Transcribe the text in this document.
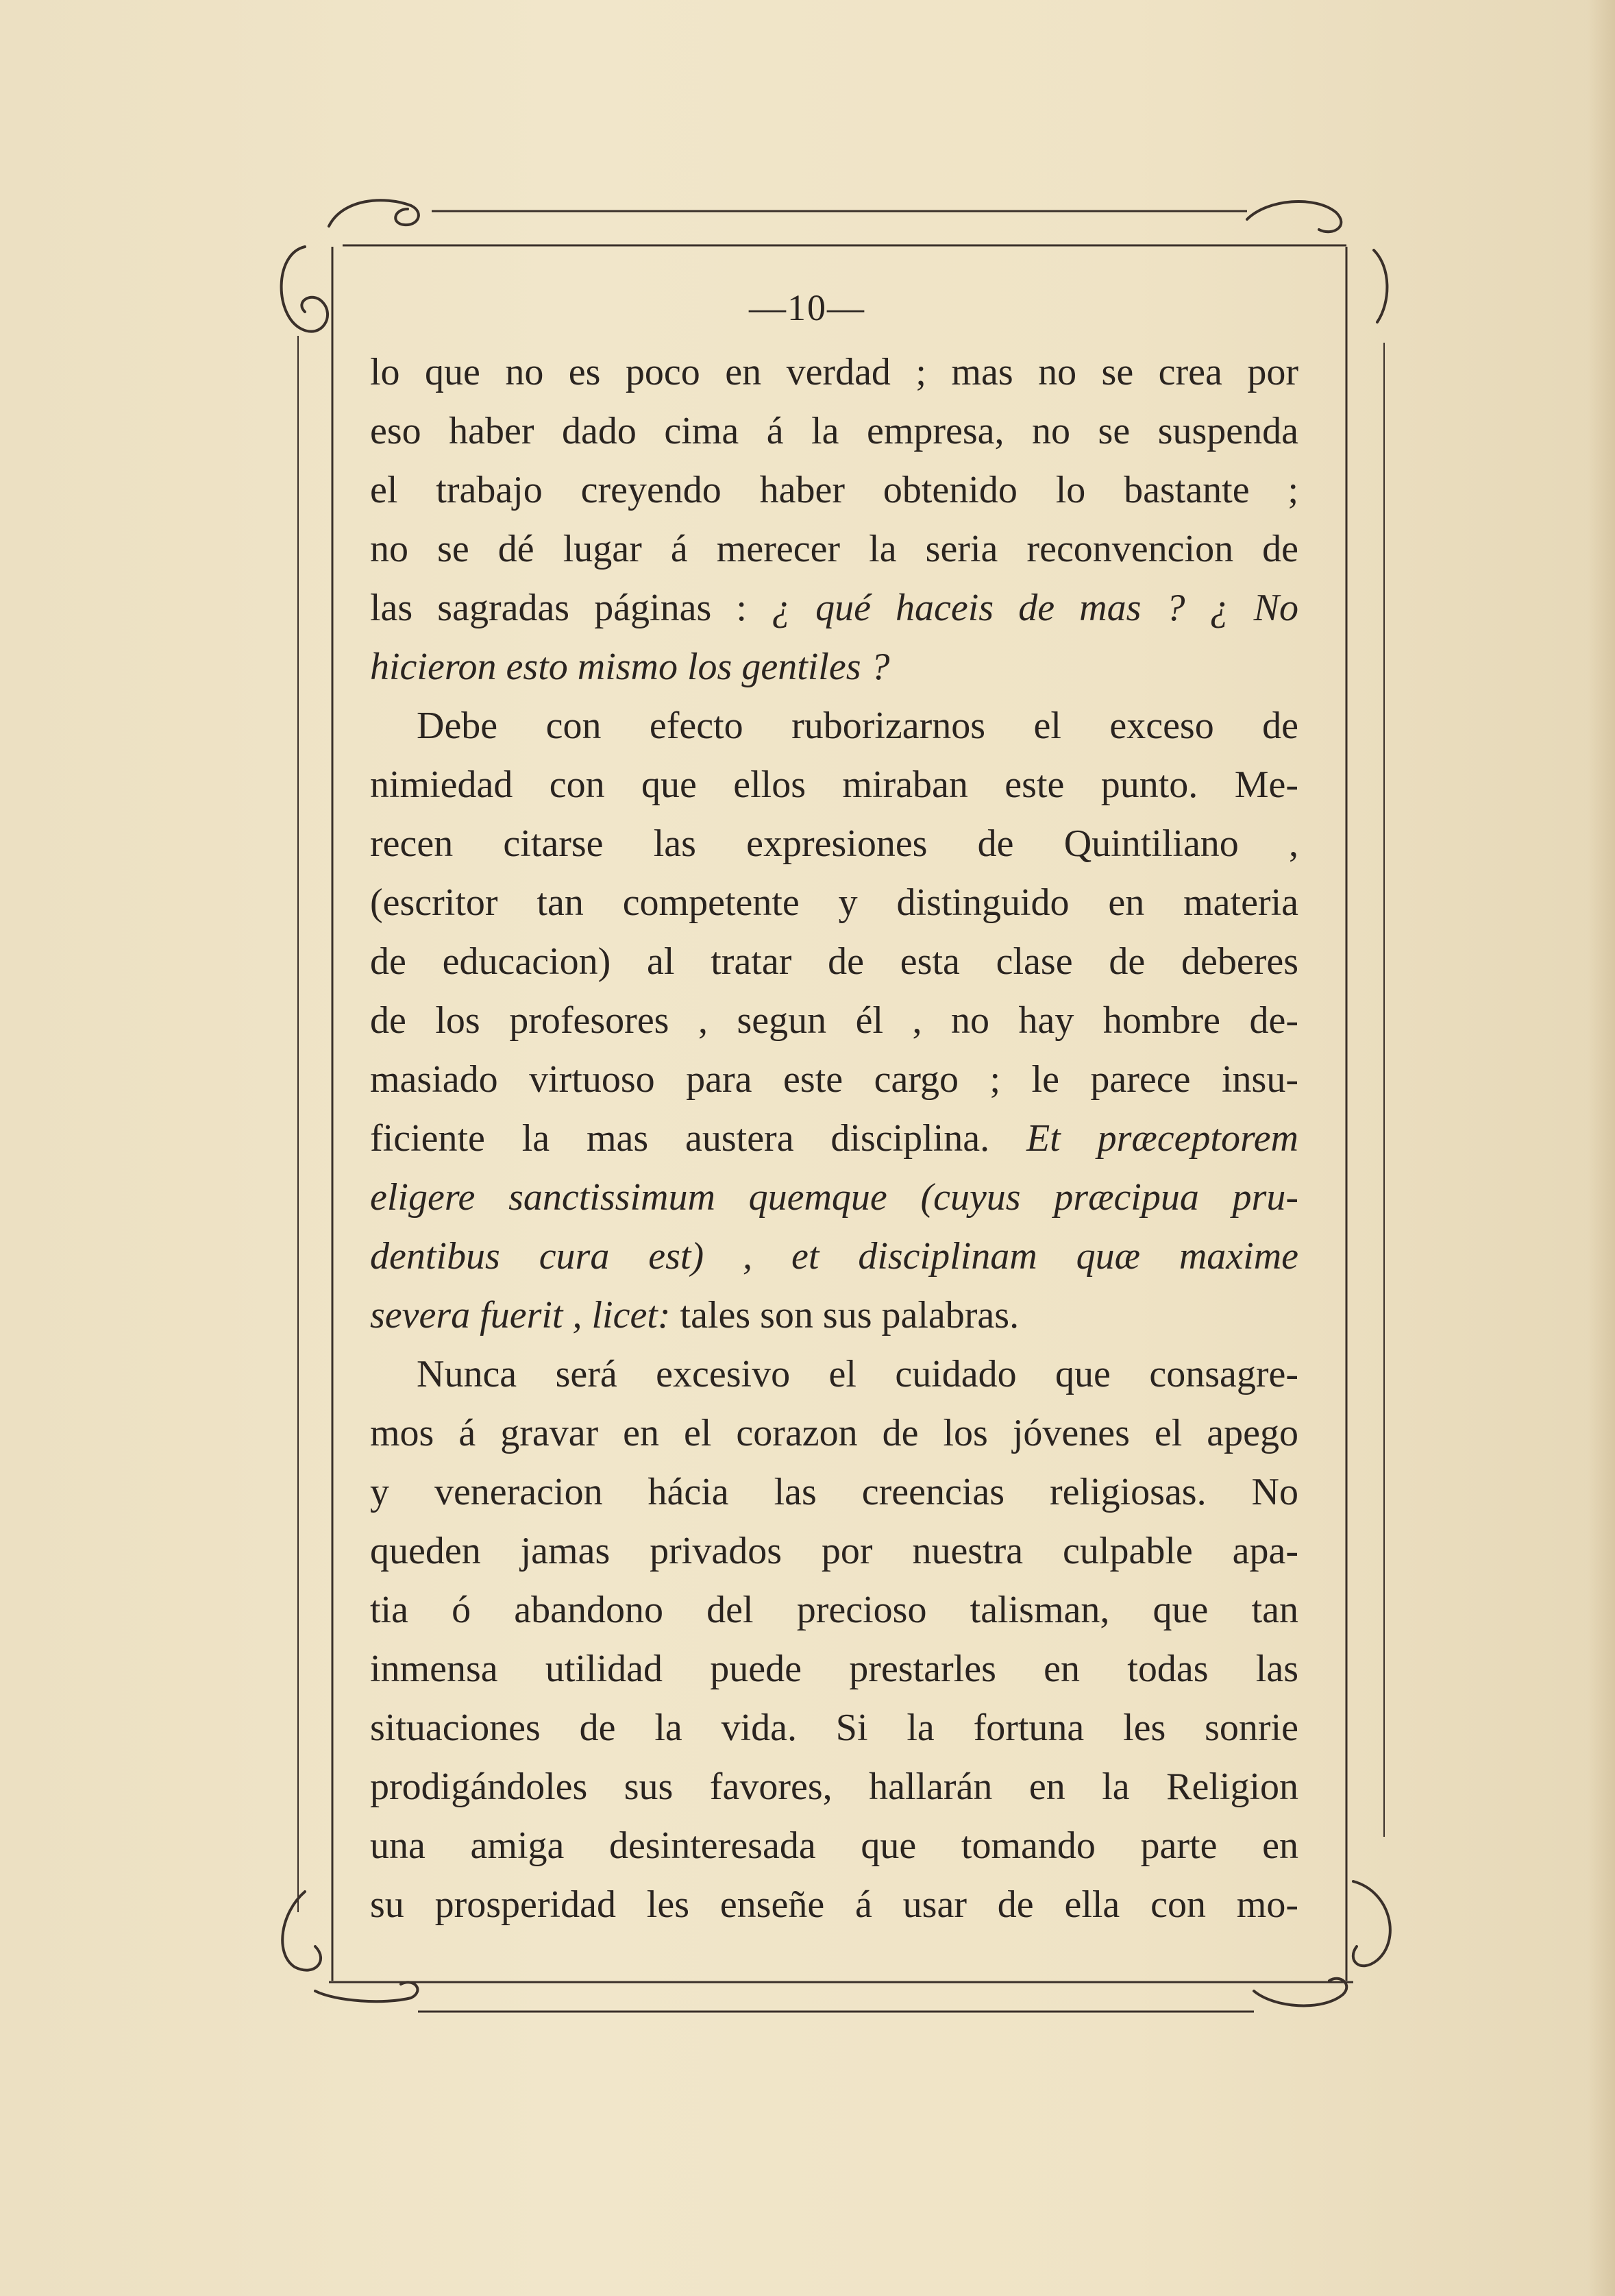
—10—
lo que no es poco en verdad ; mas no se crea por
eso haber dado cima á la empresa, no se suspenda
el trabajo creyendo haber obtenido lo bastante ;
no se dé lugar á merecer la seria reconvencion de
las sagradas páginas : ¿ qué haceis de mas ? ¿ No
hicieron esto mismo los gentiles ?
Debe con efecto ruborizarnos el exceso de
nimiedad con que ellos miraban este punto. Me-
recen citarse las expresiones de Quintiliano ,
(escritor tan competente y distinguido en materia
de educacion) al tratar de esta clase de deberes
de los profesores , segun él , no hay hombre de-
masiado virtuoso para este cargo ; le parece insu-
ficiente la mas austera disciplina. Et præceptorem
eligere sanctissimum quemque (cuyus præcipua pru-
dentibus cura est) , et disciplinam quæ maxime
severa fuerit , licet: tales son sus palabras.
Nunca será excesivo el cuidado que consagre-
mos á gravar en el corazon de los jóvenes el apego
y veneracion hácia las creencias religiosas. No
queden jamas privados por nuestra culpable apa-
tia ó abandono del precioso talisman, que tan
inmensa utilidad puede prestarles en todas las
situaciones de la vida. Si la fortuna les sonrie
prodigándoles sus favores, hallarán en la Religion
una amiga desinteresada que tomando parte en
su prosperidad les enseñe á usar de ella con mo-
